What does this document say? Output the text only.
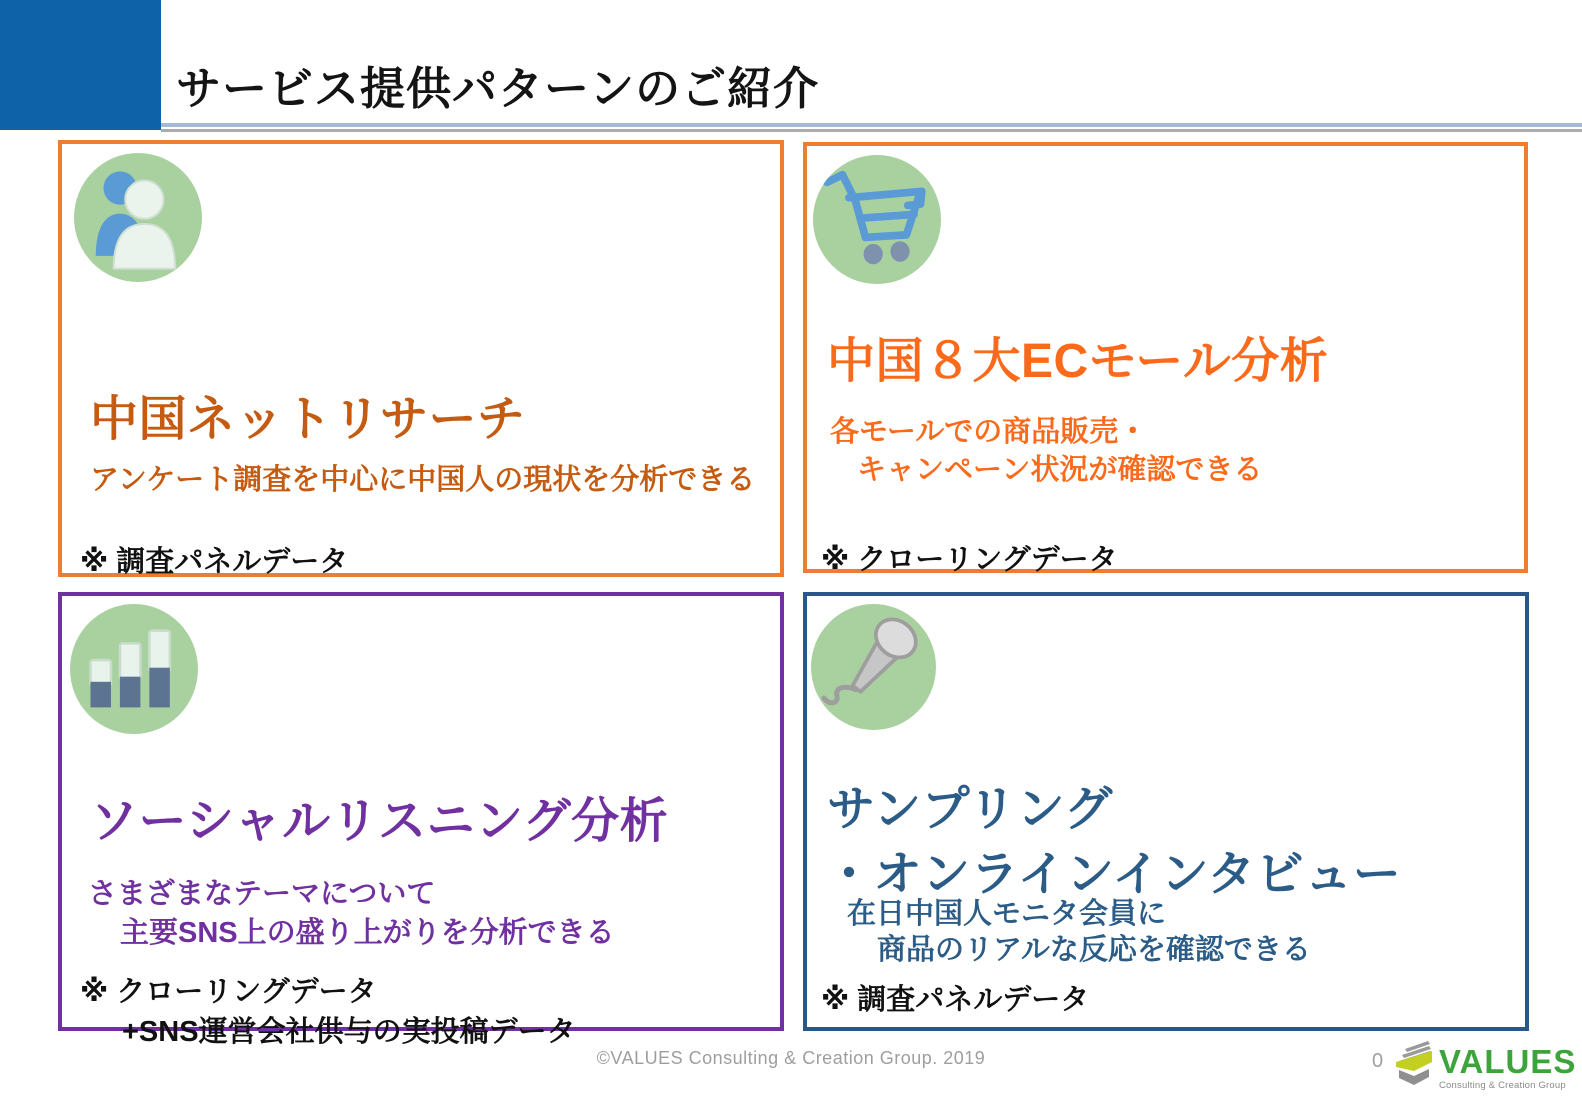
サービス提供パターンのご紹介
中国ネットリサーチ

アンケート調査を中心に中国人の現状を分析できる

※ 調査パネルデータ

中国８大ECモール分析

各モールでの商品販売・

キャンペーン状況が確認できる

※ クローリングデータ

ソーシャルリスニング分析

さまざまなテーマについて

主要SNS上の盛り上がりを分析できる

※ クローリングデータ

+SNS運営会社供与の実投稿データ

サンプリング
・オンラインインタビュー

在日中国人モニタ会員に

商品のリアルな反応を確認できる

※ 調査パネルデータ

©VALUES Consulting & Creation Group. 2019	0 VALUES
Consulting & Creation Group
